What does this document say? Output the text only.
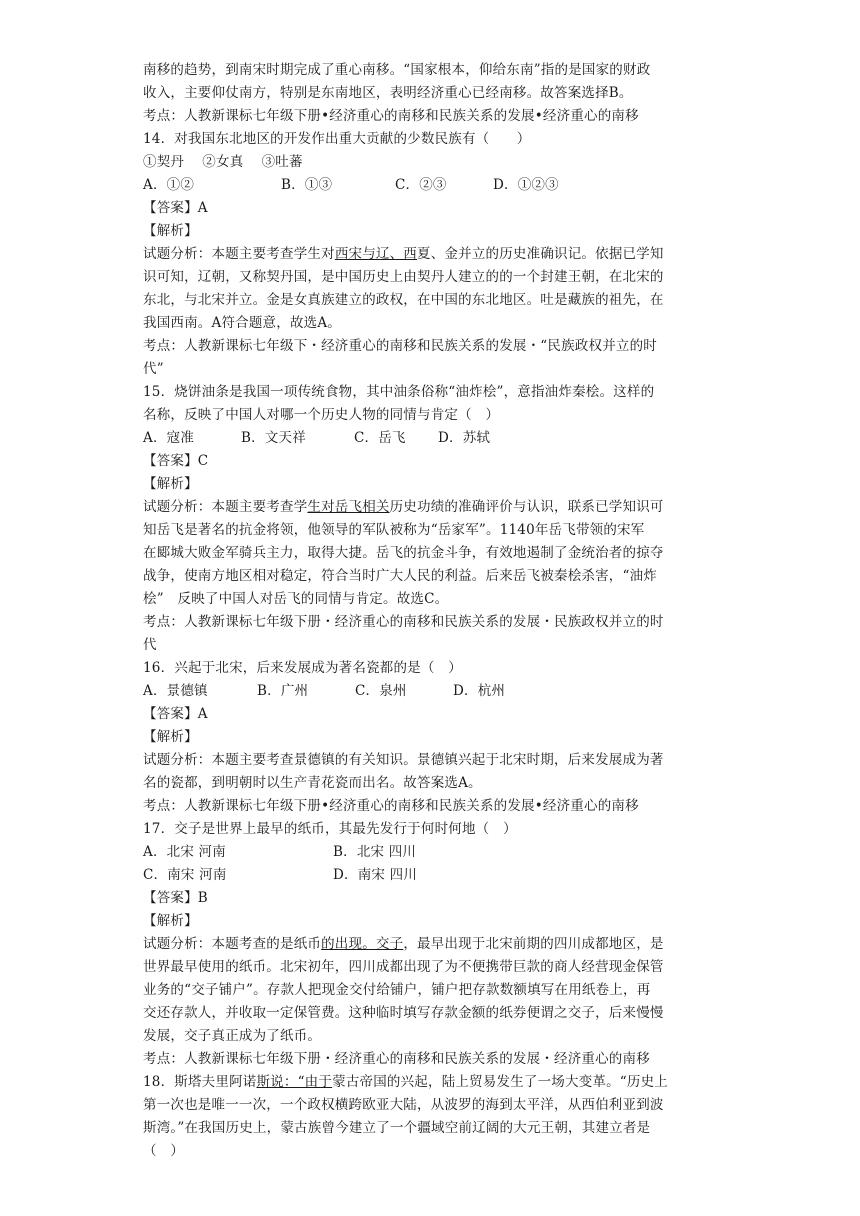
南移的趋势，到南宋时期完成了重心南移。“国家根本，仰给东南”指的是国家的财政
收入，主要仰仗南方，特别是东南地区，表明经济重心已经南移。故答案选择B。
考点：人教新课标七年级下册•经济重心的南移和民族关系的发展•经济重心的南移
14．对我国东北地区的开发作出重大贡献的少数民族有（　　）
①契丹　 ②女真　 ③吐蕃
A．①②	B．①③	C．②③	D．①②③
【答案】A
【解析】
试题分析：本题主要考查学生对西宋与辽、西夏、金并立的历史准确识记。依据已学知
识可知，辽朝，又称契丹国，是中国历史上由契丹人建立的的一个封建王朝，在北宋的
东北，与北宋并立。金是女真族建立的政权，在中国的东北地区。吐是藏族的祖先，在
我国西南。A符合题意，故选A。
考点：人教新课标七年级下・经济重心的南移和民族关系的发展・“民族政权并立的时
代”
15．烧饼油条是我国一项传统食物，其中油条俗称“油炸桧”，意指油炸秦桧。这样的
名称，反映了中国人对哪一个历史人物的同情与肯定（　）
A．寇准	B．文天祥	C．岳飞 D．苏轼
【答案】C
【解析】
试题分析：本题主要考查学生对岳飞相关历史功绩的准确评价与认识，联系已学知识可
知岳飞是著名的抗金将领，他领导的军队被称为“岳家军”。1140年岳飞带领的宋军
在郾城大败金军骑兵主力，取得大捷。岳飞的抗金斗争，有效地遏制了金统治者的掠夺
战争，使南方地区相对稳定，符合当时广大人民的利益。后来岳飞被秦桧杀害，“油炸
桧”　反映了中国人对岳飞的同情与肯定。故选C。
考点：人教新课标七年级下册・经济重心的南移和民族关系的发展・民族政权并立的时
代
16．兴起于北宋，后来发展成为著名瓷都的是（　）
A．景德镇	B．广州	C．泉州	D．杭州
【答案】A
【解析】
试题分析：本题主要考查景德镇的有关知识。景德镇兴起于北宋时期，后来发展成为著
名的瓷都，到明朝时以生产青花瓷而出名。故答案选A。
考点：人教新课标七年级下册•经济重心的南移和民族关系的发展•经济重心的南移
17．交子是世界上最早的纸币，其最先发行于何时何地（　）
A．北宋 河南	B．北宋 四川
C．南宋 河南	D．南宋 四川
【答案】B
【解析】
试题分析：本题考查的是纸币的出现。交子，最早出现于北宋前期的四川成都地区，是
世界最早使用的纸币。北宋初年，四川成都出现了为不便携带巨款的商人经营现金保管
业务的“交子铺户”。存款人把现金交付给铺户，铺户把存款数额填写在用纸卷上，再
交还存款人，并收取一定保管费。这种临时填写存款金额的纸券便谓之交子，后来慢慢
发展，交子真正成为了纸币。
考点：人教新课标七年级下册・经济重心的南移和民族关系的发展・经济重心的南移
18．斯塔夫里阿诺斯说：“由于蒙古帝国的兴起，陆上贸易发生了一场大变革。“历史上
第一次也是唯一一次，一个政权横跨欧亚大陆，从波罗的海到太平洋，从西伯利亚到波
斯湾。”在我国历史上，蒙古族曾今建立了一个疆域空前辽阔的大元王朝，其建立者是
（　）
